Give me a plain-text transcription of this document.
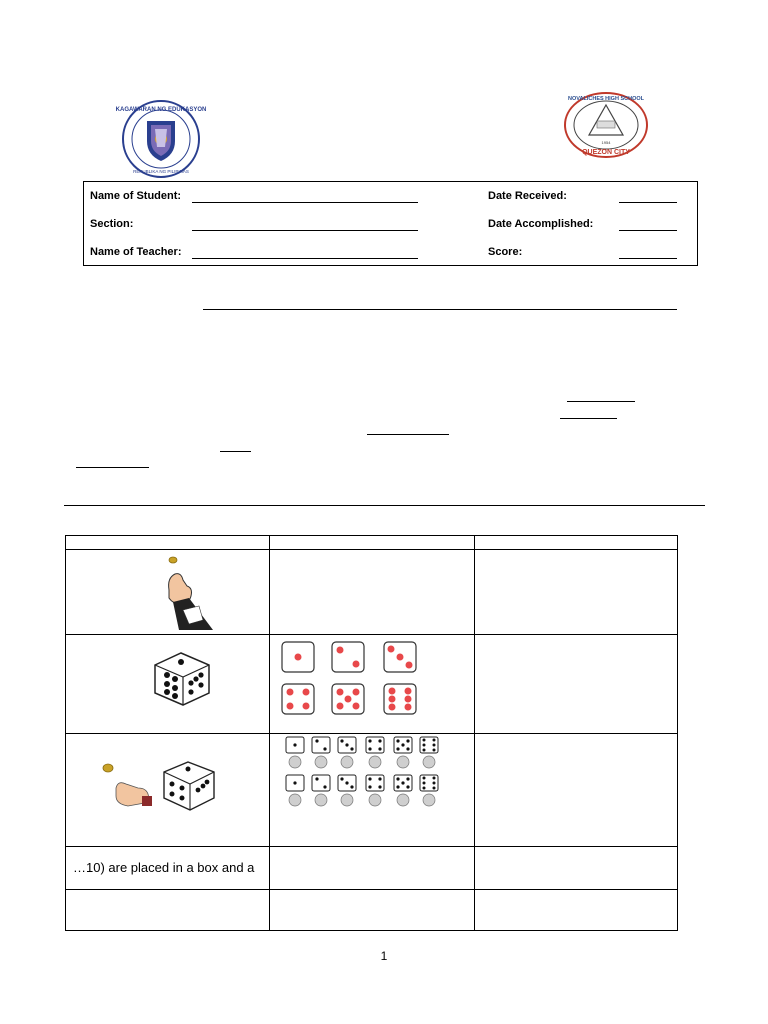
KAGAWARAN NG EDUKASYON
REPUBLIKA NG PILIPINAS
NOVALICHES HIGH SCHOOL
1954
QUEZON CITY
Name of Student:
Section:
Name of Teacher:
Date Received:
Date Accomplished:
Score:
…10) are placed in a box and a
1
